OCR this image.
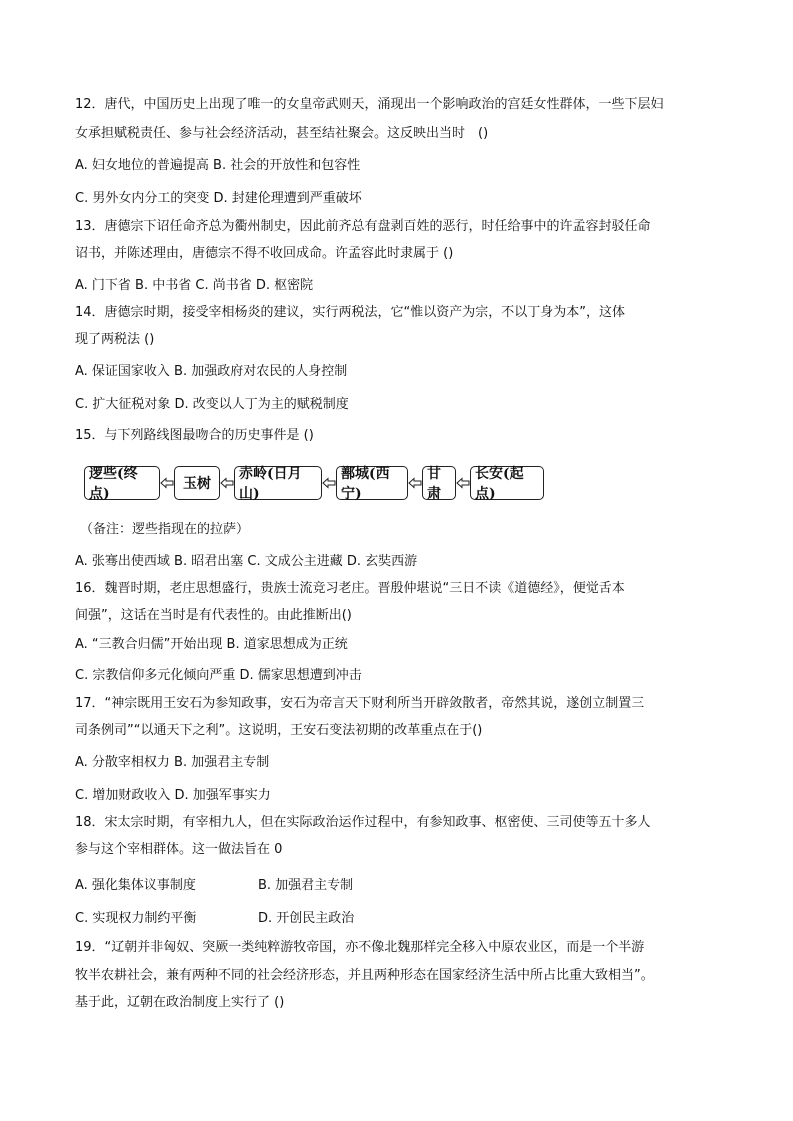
12．唐代，中国历史上出现了唯一的女皇帝武则天，涌现出一个影响政治的宫廷女性群体，一些下层妇
女承担赋税责任、参与社会经济活动，甚至结社聚会。这反映出当时　()
A. 妇女地位的普遍提高 B. 社会的开放性和包容性
C. 男外女内分工的突变 D. 封建伦理遭到严重破坏
13．唐德宗下诏任命齐总为衢州制史，因此前齐总有盘剥百姓的恶行，时任给事中的许孟容封驳任命
诏书，并陈述理由，唐德宗不得不收回成命。许孟容此时隶属于 ()
A. 门下省 B. 中书省 C. 尚书省 D. 枢密院
14．唐德宗时期，接受宰相杨炎的建议，实行两税法，它“惟以资产为宗，不以丁身为本”，这体
现了两税法 ()
A. 保证国家收入 B. 加强政府对农民的人身控制
C. 扩大征税对象 D. 改变以人丁为主的赋税制度
15．与下列路线图最吻合的历史事件是 ()
逻些(终点)
玉树
赤岭(日月山)
鄯城(西宁)
甘肃
长安(起点)
（备注：逻些指现在的拉萨）
A. 张骞出使西域 B. 昭君出塞 C. 文成公主进藏 D. 玄奘西游
16．魏晋时期，老庄思想盛行，贵族士流竞习老庄。晋殷仲堪说“三日不读《道德经》，便觉舌本
间强”，这话在当时是有代表性的。由此推断出()
A. “三教合归儒”开始出现 B. 道家思想成为正统
C. 宗教信仰多元化倾向严重 D. 儒家思想遭到冲击
17．“神宗既用王安石为参知政事，安石为帝言天下财利所当开辟敛散者，帝然其说，遂创立制置三
司条例司”“以通天下之利”。这说明，王安石变法初期的改革重点在于()
A. 分散宰相权力 B. 加强君主专制
C. 增加财政收入 D. 加强军事实力
18．宋太宗时期，有宰相九人，但在实际政治运作过程中，有参知政事、枢密使、三司使等五十多人
参与这个宰相群体。这一做法旨在 0
A. 强化集体议事制度	B. 加强君主专制
C. 实现权力制约平衡	D. 开创民主政治
19．“辽朝并非匈奴、突厥一类纯粹游牧帝国，亦不像北魏那样完全移入中原农业区，而是一个半游
牧半农耕社会，兼有两种不同的社会经济形态，并且两种形态在国家经济生活中所占比重大致相当”。
基于此，辽朝在政治制度上实行了 ()
